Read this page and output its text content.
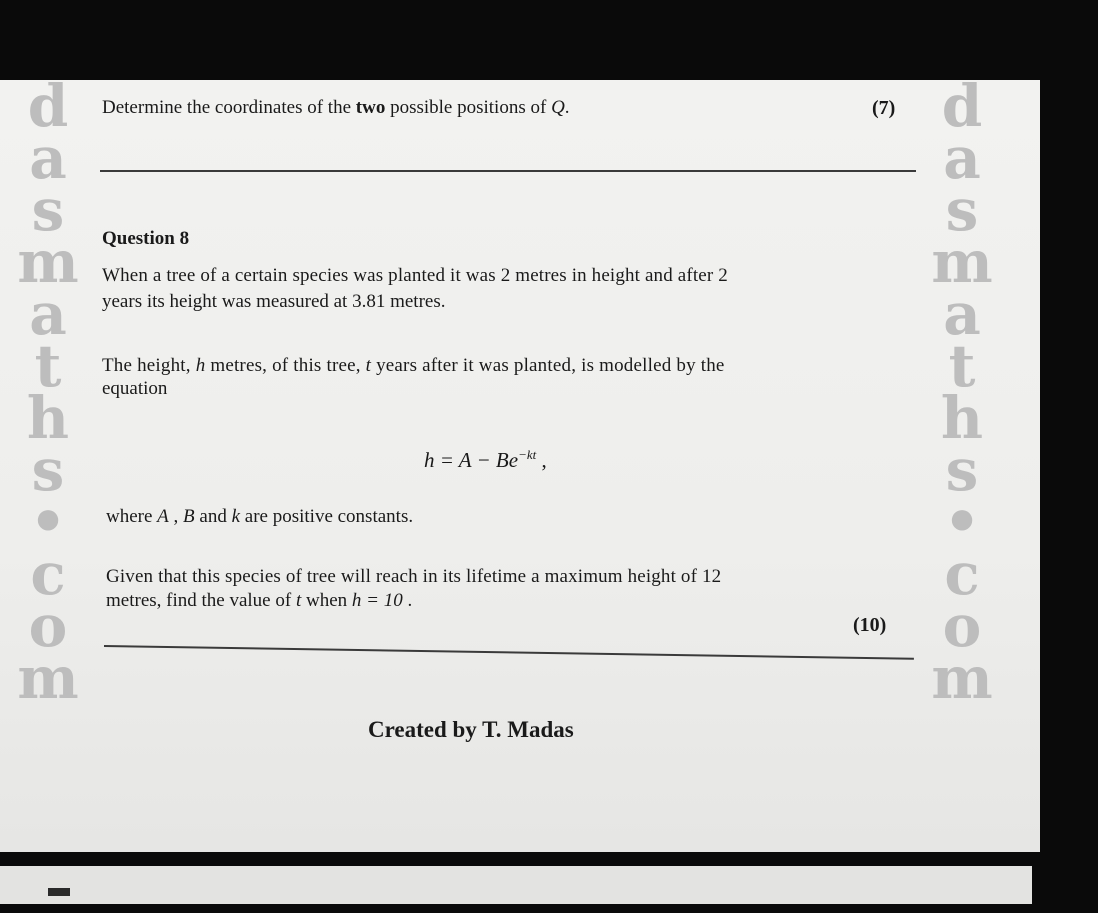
d
a
s
m
a
t
h
s
•
c
o
m
d
a
s
m
a
t
h
s
•
c
o
m
Determine the coordinates of the two possible positions of Q.	(7)
Question 8
When a tree of a certain species was planted it was 2 metres in height and after 2
years its height was measured at 3.81 metres.
The height, h metres, of this tree, t years after it was planted, is modelled by the
equation
$h = A - Be^{-kt}$ ,
where A , B and k are positive constants.
Given that this species of tree will reach in its lifetime a maximum height of 12
metres, find the value of t when h = 10 .
(10)
Created by T. Madas
